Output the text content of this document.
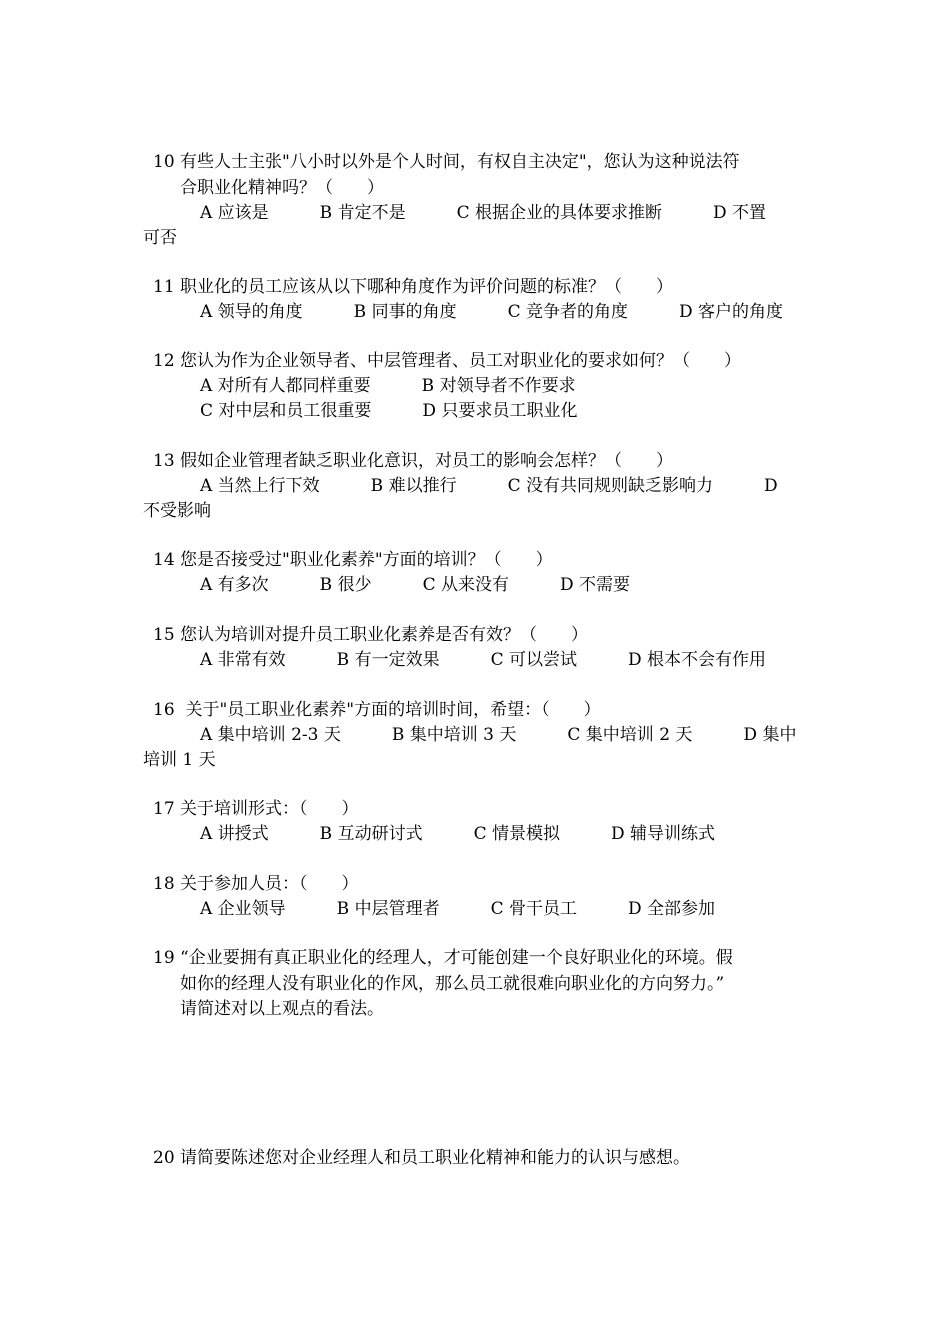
10 有些人士主张"八小时以外是个人时间，有权自主决定"，您认为这种说法符
合职业化精神吗？（　　）
A 应该是　　　B 肯定不是　　　C 根据企业的具体要求推断　　　D 不置
可否
11 职业化的员工应该从以下哪种角度作为评价问题的标准？（　　）
A 领导的角度　　　B 同事的角度　　　C 竞争者的角度　　　D 客户的角度
12 您认为作为企业领导者、中层管理者、员工对职业化的要求如何？（　　）
A 对所有人都同样重要　　　B 对领导者不作要求
C 对中层和员工很重要　　　D 只要求员工职业化
13 假如企业管理者缺乏职业化意识，对员工的影响会怎样？（　　）
A 当然上行下效　　　B 难以推行　　　C 没有共同规则缺乏影响力　　　D
不受影响
14 您是否接受过"职业化素养"方面的培训？（　　）
A 有多次　　　B 很少　　　C 从来没有　　　D 不需要
15 您认为培训对提升员工职业化素养是否有效？（　　）
A 非常有效　　　B 有一定效果　　　C 可以尝试　　　D 根本不会有作用
16  关于"员工职业化素养"方面的培训时间，希望：（　　）
A 集中培训 2-3 天　　　B 集中培训 3 天　　　C 集中培训 2 天　　　D 集中
培训 1 天
17 关于培训形式：（　　）
A 讲授式　　　B 互动研讨式　　　C 情景模拟　　　D 辅导训练式
18 关于参加人员：（　　）
A 企业领导　　　B 中层管理者　　　C 骨干员工　　　D 全部参加
19 “企业要拥有真正职业化的经理人，才可能创建一个良好职业化的环境。假
如你的经理人没有职业化的作风，那么员工就很难向职业化的方向努力。”
请简述对以上观点的看法。
20 请简要陈述您对企业经理人和员工职业化精神和能力的认识与感想。
